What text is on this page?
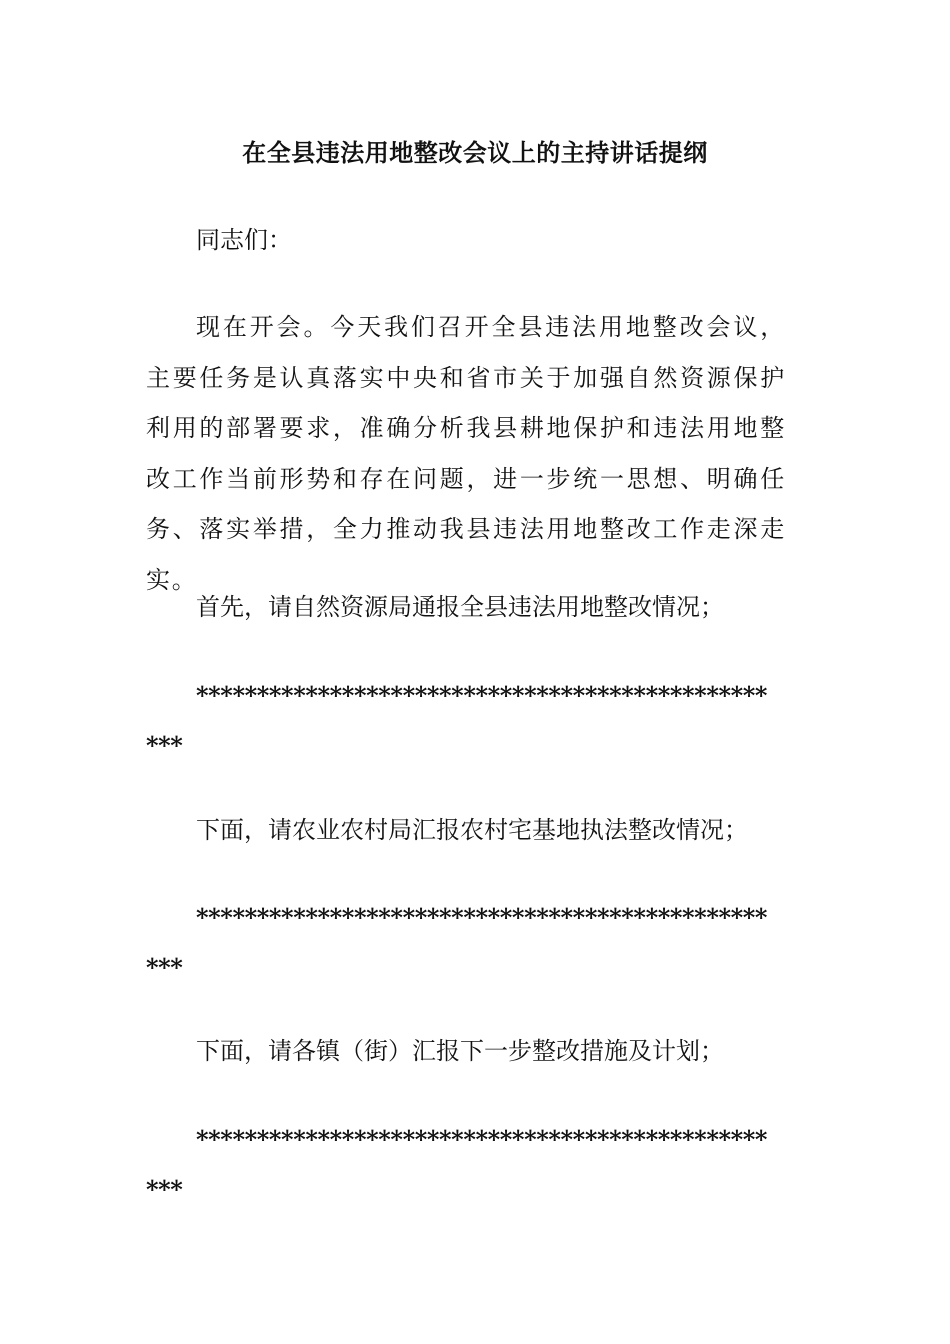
在全县违法用地整改会议上的主持讲话提纲
同志们：
现在开会。今天我们召开全县违法用地整改会议，主要任务是认真落实中央和省市关于加强自然资源保护利用的部署要求，准确分析我县耕地保护和违法用地整改工作当前形势和存在问题，进一步统一思想、明确任务、落实举措，全力推动我县违法用地整改工作走深走实。
首先，请自然资源局通报全县违法用地整改情况；
***********************************************
***
下面，请农业农村局汇报农村宅基地执法整改情况；
***********************************************
***
下面，请各镇（街）汇报下一步整改措施及计划；
***********************************************
***
